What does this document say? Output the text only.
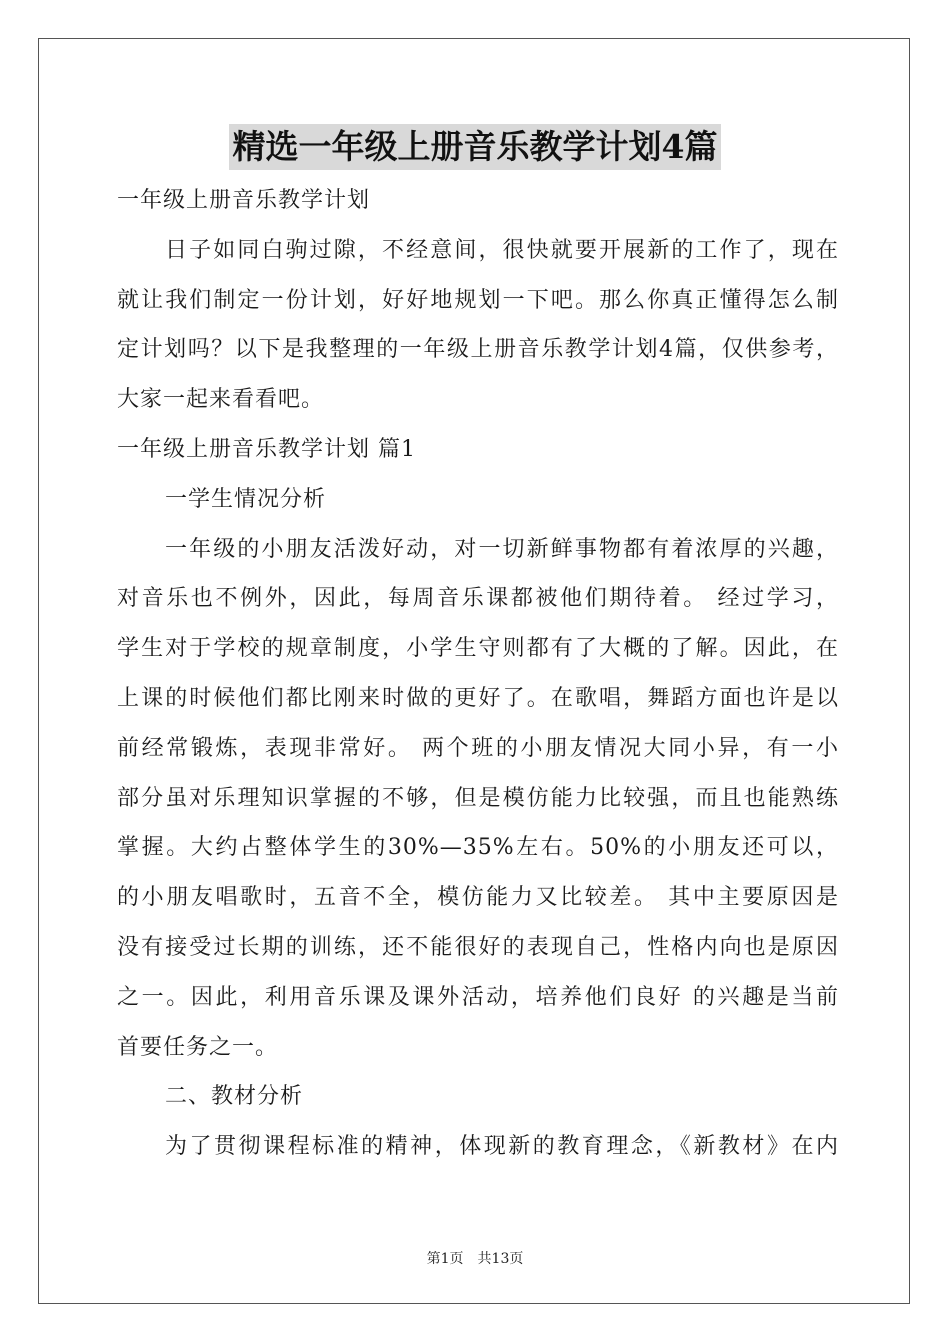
精选一年级上册音乐教学计划4篇
一年级上册音乐教学计划
日子如同白驹过隙，不经意间，很快就要开展新的工作了，现在
就让我们制定一份计划，好好地规划一下吧。那么你真正懂得怎么制
定计划吗？以下是我整理的一年级上册音乐教学计划4篇，仅供参考，
大家一起来看看吧。
一年级上册音乐教学计划 篇1
一学生情况分析
一年级的小朋友活泼好动，对一切新鲜事物都有着浓厚的兴趣，
对音乐也不例外，因此，每周音乐课都被他们期待着。 经过学习，
学生对于学校的规章制度，小学生守则都有了大概的了解。因此，在
上课的时候他们都比刚来时做的更好了。在歌唱，舞蹈方面也许是以
前经常锻炼，表现非常好。 两个班的小朋友情况大同小异，有一小
部分虽对乐理知识掌握的不够，但是模仿能力比较强，而且也能熟练
掌握。大约占整体学生的30%—35%左右。50%的小朋友还可以，
的小朋友唱歌时，五音不全，模仿能力又比较差。 其中主要原因是
没有接受过长期的训练，还不能很好的表现自己，性格内向也是原因
之一。因此，利用音乐课及课外活动，培养他们良好 的兴趣是当前
首要任务之一。
二、教材分析
为了贯彻课程标准的精神，体现新的教育理念，《新教材》在内
第1页 共13页
